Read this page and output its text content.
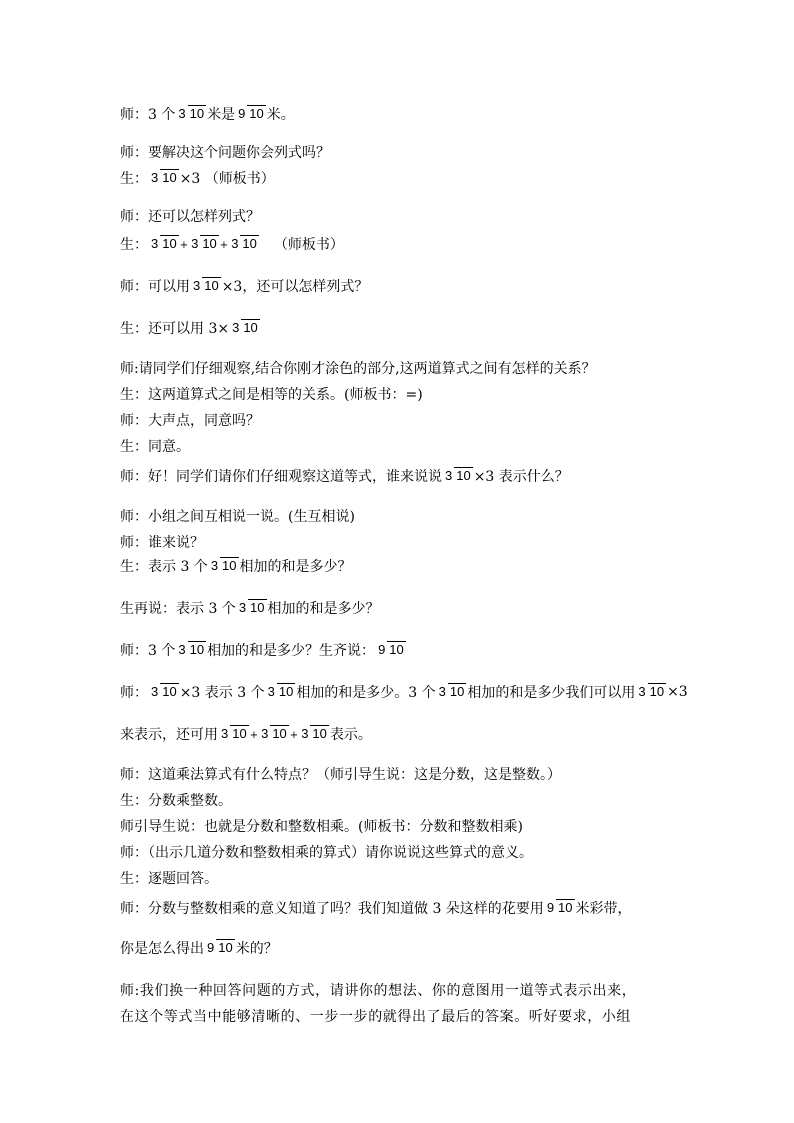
师：3 个 3 10 米是 9 10 米。
师：要解决这个问题你会列式吗？
生： 3 10 ×3 （师板书）
师：还可以怎样列式？
生： 3 10 + 3 10 + 3 10 （师板书）
师：可以用 3 10 ×3，还可以怎样列式？
生：还可以用 3× 3 10
师:请同学们仔细观察,结合你刚才涂色的部分,这两道算式之间有怎样的关系？
生：这两道算式之间是相等的关系。(师板书：=)
师：大声点，同意吗？
生：同意。
师：好！同学们请你们仔细观察这道等式，谁来说说 3 10 ×3 表示什么？
师：小组之间互相说一说。(生互相说)
师：谁来说？
生：表示 3 个 3 10 相加的和是多少？
生再说：表示 3 个 3 10 相加的和是多少？
师：3 个 3 10 相加的和是多少？生齐说： 9 10
师： 3 10 ×3 表示 3 个 3 10 相加的和是多少。3 个 3 10 相加的和是多少我们可以用 3 10 ×3
来表示，还可用 3 10 + 3 10 + 3 10 表示。
师：这道乘法算式有什么特点？（师引导生说：这是分数，这是整数。）
生：分数乘整数。
师引导生说：也就是分数和整数相乘。(师板书：分数和整数相乘)
师：（出示几道分数和整数相乘的算式）请你说说这些算式的意义。
生：逐题回答。
师：分数与整数相乘的意义知道了吗？我们知道做 3 朵这样的花要用 9 10 米彩带，
你是怎么得出 9 10 米的？
师:我们换一种回答问题的方式，请讲你的想法、你的意图用一道等式表示出来，
在这个等式当中能够清晰的、一步一步的就得出了最后的答案。听好要求，小组
